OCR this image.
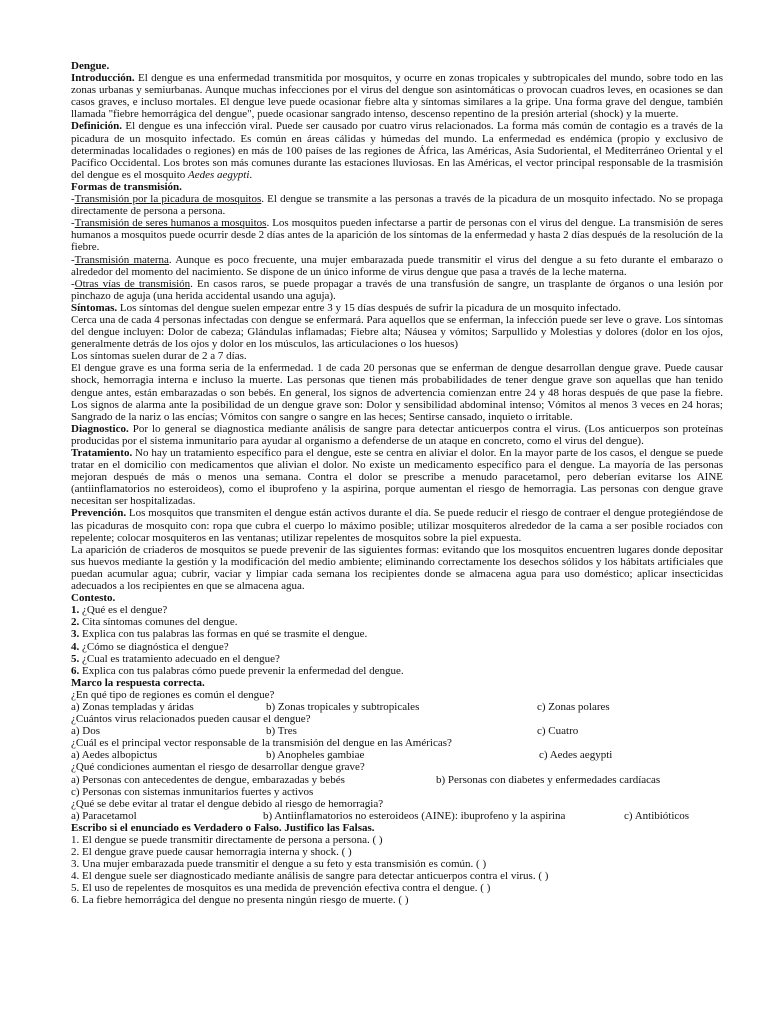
Dengue.

Introducción. El dengue es una enfermedad transmitida por mosquitos, y ocurre en zonas tropicales y subtropicales del mundo, sobre todo en las zonas urbanas y semiurbanas. Aunque muchas infecciones por el virus del dengue son asintomáticas o provocan cuadros leves, en ocasiones se dan casos graves, e incluso mortales. El dengue leve puede ocasionar fiebre alta y síntomas similares a la gripe. Una forma grave del dengue, también llamada "fiebre hemorrágica del dengue", puede ocasionar sangrado intenso, descenso repentino de la presión arterial (shock) y la muerte.

Definición. El dengue es una infección viral. Puede ser causado por cuatro virus relacionados. La forma más común de contagio es a través de la picadura de un mosquito infectado. Es común en áreas cálidas y húmedas del mundo. La enfermedad es endémica (propio y exclusivo de determinadas localidades o regiones) en más de 100 países de las regiones de África, las Américas, Asia Sudoriental, el Mediterráneo Oriental y el Pacífico Occidental. Los brotes son más comunes durante las estaciones lluviosas. En las Américas, el vector principal responsable de la trasmisión del dengue es el mosquito Aedes aegypti.

Formas de transmisión.

-Transmisión por la picadura de mosquitos. El dengue se transmite a las personas a través de la picadura de un mosquito infectado. No se propaga directamente de persona a persona.

-Transmisión de seres humanos a mosquitos. Los mosquitos pueden infectarse a partir de personas con el virus del dengue. La transmisión de seres humanos a mosquitos puede ocurrir desde 2 días antes de la aparición de los síntomas de la enfermedad y hasta 2 días después de la resolución de la fiebre.

-Transmisión materna. Aunque es poco frecuente, una mujer embarazada puede transmitir el virus del dengue a su feto durante el embarazo o alrededor del momento del nacimiento. Se dispone de un único informe de virus dengue que pasa a través de la leche materna.

-Otras vías de transmisión. En casos raros, se puede propagar a través de una transfusión de sangre, un trasplante de órganos o una lesión por pinchazo de aguja (una herida accidental usando una aguja).

Síntomas. Los síntomas del dengue suelen empezar entre 3 y 15 días después de sufrir la picadura de un mosquito infectado.

Cerca una de cada 4 personas infectadas con dengue se enfermará. Para aquellos que se enferman, la infección puede ser leve o grave. Los síntomas del dengue incluyen: Dolor de cabeza; Glándulas inflamadas; Fiebre alta; Náusea y vómitos; Sarpullido y Molestias y dolores (dolor en los ojos, generalmente detrás de los ojos y dolor en los músculos, las articulaciones o los huesos)

Los síntomas suelen durar de 2 a 7 días.

El dengue grave es una forma seria de la enfermedad. 1 de cada 20 personas que se enferman de dengue desarrollan dengue grave. Puede causar shock, hemorragia interna e incluso la muerte. Las personas que tienen más probabilidades de tener dengue grave son aquellas que han tenido dengue antes, están embarazadas o son bebés. En general, los signos de advertencia comienzan entre 24 y 48 horas después de que pase la fiebre. Los signos de alarma ante la posibilidad de un dengue grave son: Dolor y sensibilidad abdominal intenso; Vómitos al menos 3 veces en 24 horas; Sangrado de la nariz o las encías; Vómitos con sangre o sangre en las heces; Sentirse cansado, inquieto o irritable.

Diagnostico. Por lo general se diagnostica mediante análisis de sangre para detectar anticuerpos contra el virus. (Los anticuerpos son proteínas producidas por el sistema inmunitario para ayudar al organismo a defenderse de un ataque en concreto, como el virus del dengue).

Tratamiento. No hay un tratamiento específico para el dengue, este se centra en aliviar el dolor. En la mayor parte de los casos, el dengue se puede tratar en el domicilio con medicamentos que alivian el dolor. No existe un medicamento específico para el dengue. La mayoría de las personas mejoran después de más o menos una semana. Contra el dolor se prescribe a menudo paracetamol, pero deberían evitarse los AINE (antiinflamatorios no esteroideos), como el ibuprofeno y la aspirina, porque aumentan el riesgo de hemorragia. Las personas con dengue grave necesitan ser hospitalizadas.

Prevención. Los mosquitos que transmiten el dengue están activos durante el día. Se puede reducir el riesgo de contraer el dengue protegiéndose de las picaduras de mosquito con: ropa que cubra el cuerpo lo máximo posible; utilizar mosquiteros alrededor de la cama a ser posible rociados con repelente; colocar mosquiteros en las ventanas; utilizar repelentes de mosquitos sobre la piel expuesta.

La aparición de criaderos de mosquitos se puede prevenir de las siguientes formas: evitando que los mosquitos encuentren lugares donde depositar sus huevos mediante la gestión y la modificación del medio ambiente; eliminando correctamente los desechos sólidos y los hábitats artificiales que puedan acumular agua; cubrir, vaciar y limpiar cada semana los recipientes donde se almacena agua para uso doméstico; aplicar insecticidas adecuados a los recipientes en que se almacena agua.

Contesto.

1. ¿Qué es el dengue?

2. Cita síntomas comunes del dengue.

3. Explica con tus palabras las formas en qué se trasmite el dengue.

4. ¿Cómo se diagnóstica el dengue?

5. ¿Cual es tratamiento adecuado en el dengue?

6. Explica con tus palabras cómo puede prevenir la enfermedad del dengue.

Marco la respuesta correcta.

¿En qué tipo de regiones es común el dengue?

a) Zonas templadas y áridas	b) Zonas tropicales y subtropicales	c) Zonas polares

¿Cuántos virus relacionados pueden causar el dengue?

a) Dos	b) Tres	c) Cuatro

¿Cuál es el principal vector responsable de la transmisión del dengue en las Américas?

a) Aedes albopictus	b) Anopheles gambiae	c) Aedes aegypti

¿Qué condiciones aumentan el riesgo de desarrollar dengue grave?

a) Personas con antecedentes de dengue, embarazadas y bebés	b) Personas con diabetes y enfermedades cardíacas

c) Personas con sistemas inmunitarios fuertes y activos

¿Qué se debe evitar al tratar el dengue debido al riesgo de hemorragia?

a) Paracetamol	b) Antiinflamatorios no esteroideos (AINE): ibuprofeno y la aspirina	c) Antibióticos

Escribo si el enunciado es Verdadero o Falso. Justifico las Falsas.

1. El dengue se puede transmitir directamente de persona a persona. ( )

2. El dengue grave puede causar hemorragia interna y shock. ( )

3. Una mujer embarazada puede transmitir el dengue a su feto y esta transmisión es común. ( )

4. El dengue suele ser diagnosticado mediante análisis de sangre para detectar anticuerpos contra el virus. ( )

5. El uso de repelentes de mosquitos es una medida de prevención efectiva contra el dengue. ( )

6. La fiebre hemorrágica del dengue no presenta ningún riesgo de muerte. ( )
